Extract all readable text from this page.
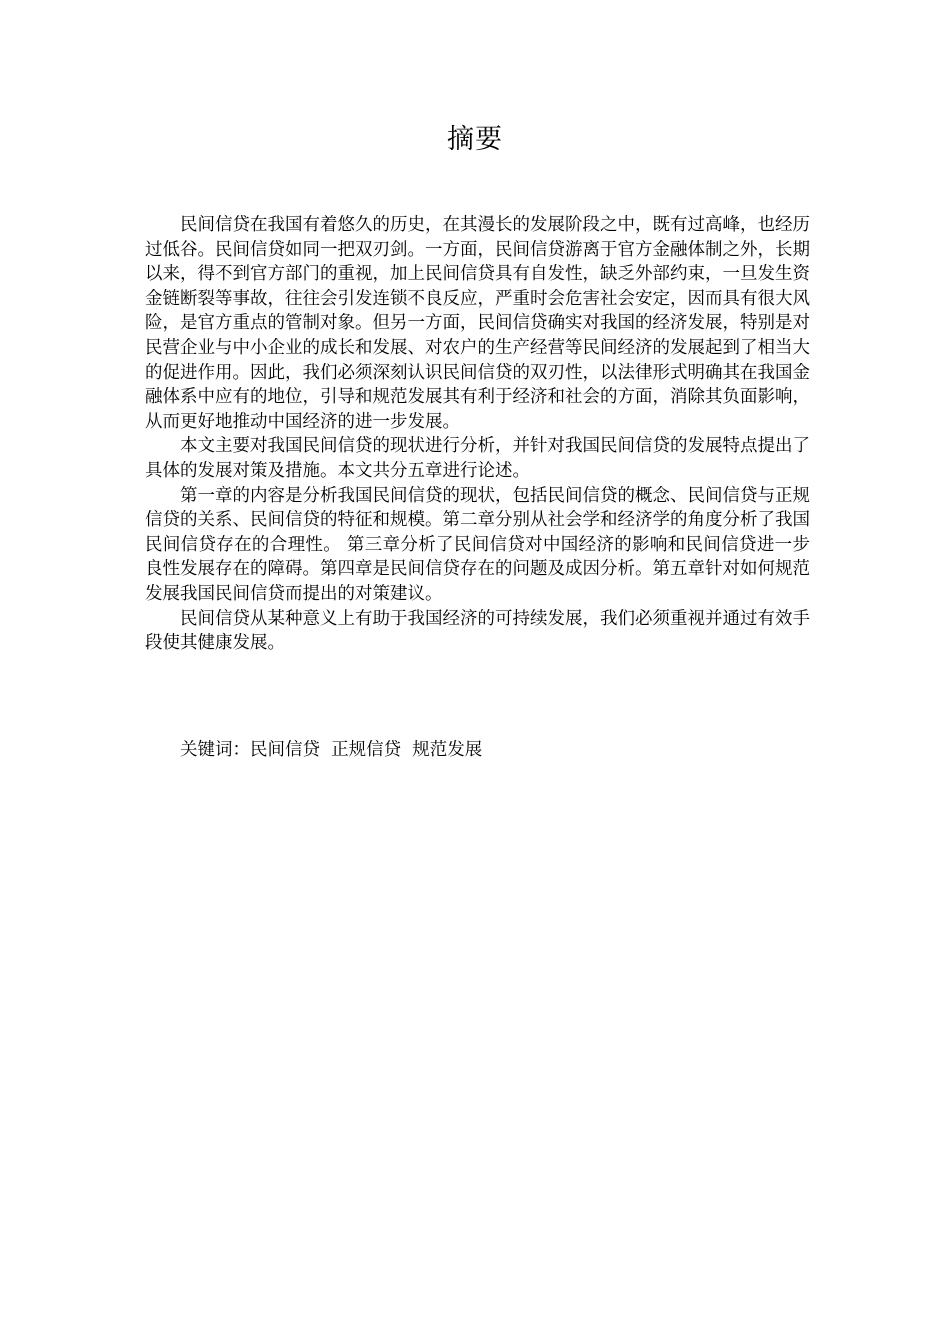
摘要

民间信贷在我国有着悠久的历史，在其漫长的发展阶段之中，既有过高峰，也经历过低谷。民间信贷如同一把双刃剑。一方面，民间信贷游离于官方金融体制之外，长期以来，得不到官方部门的重视，加上民间信贷具有自发性，缺乏外部约束，一旦发生资金链断裂等事故，往往会引发连锁不良反应，严重时会危害社会安定，因而具有很大风险，是官方重点的管制对象。但另一方面，民间信贷确实对我国的经济发展，特别是对民营企业与中小企业的成长和发展、对农户的生产经营等民间经济的发展起到了相当大的促进作用。因此，我们必须深刻认识民间信贷的双刃性，以法律形式明确其在我国金融体系中应有的地位，引导和规范发展其有利于经济和社会的方面，消除其负面影响，从而更好地推动中国经济的进一步发展。

本文主要对我国民间信贷的现状进行分析，并针对我国民间信贷的发展特点提出了具体的发展对策及措施。本文共分五章进行论述。

第一章的内容是分析我国民间信贷的现状，包括民间信贷的概念、民间信贷与正规信贷的关系、民间信贷的特征和规模。第二章分别从社会学和经济学的角度分析了我国民间信贷存在的合理性。 第三章分析了民间信贷对中国经济的影响和民间信贷进一步良性发展存在的障碍。第四章是民间信贷存在的问题及成因分析。第五章针对如何规范发展我国民间信贷而提出的对策建议。

民间信贷从某种意义上有助于我国经济的可持续发展，我们必须重视并通过有效手段使其健康发展。

关键词：民间信贷  正规信贷  规范发展
